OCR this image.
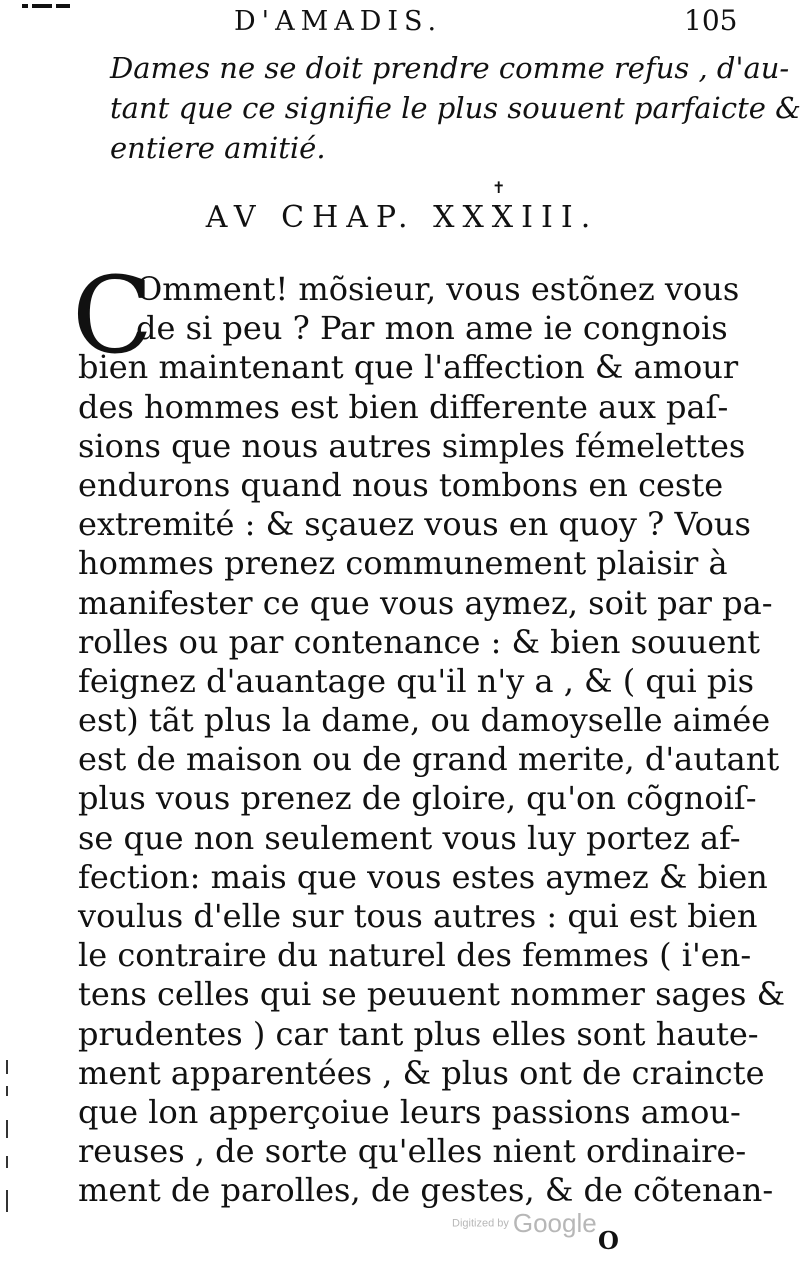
D'AMADIS.	105
Dames ne se doit prendre comme refus , d'au-
tant que ce signifie le plus souuent parfaicte &
entiere amitié.
✝
AV CHAP. XXXIII.
C
Omment! mõsieur, vous estõnez vous
de si peu ? Par mon ame ie congnois
bien maintenant que l'affection & amour
des hommes est bien differente aux paſ-
sions que nous autres simples fémelettes
endurons quand nous tombons en ceste
extremité : & sçauez vous en quoy ? Vous
hommes prenez communement plaisir à
manifester ce que vous aymez, soit par pa-
rolles ou par contenance : & bien souuent
feignez d'auantage qu'il n'y a , & ( qui pis
est) tãt plus la dame, ou damoyselle aimée
est de maison ou de grand merite, d'autant
plus vous prenez de gloire, qu'on cõgnoiſ-
se que non seulement vous luy portez af-
fection: mais que vous estes aymez & bien
voulus d'elle sur tous autres : qui est bien
le contraire du naturel des femmes ( i'en-
tens celles qui se peuuent nommer sages &
prudentes ) car tant plus elles sont haute-
ment apparentées , & plus ont de craincte
que lon apperçoiue leurs passions amou-
reuses , de sorte qu'elles nient ordinaire-
ment de parolles, de gestes, & de cõtenan-
Digitized by Google
O
